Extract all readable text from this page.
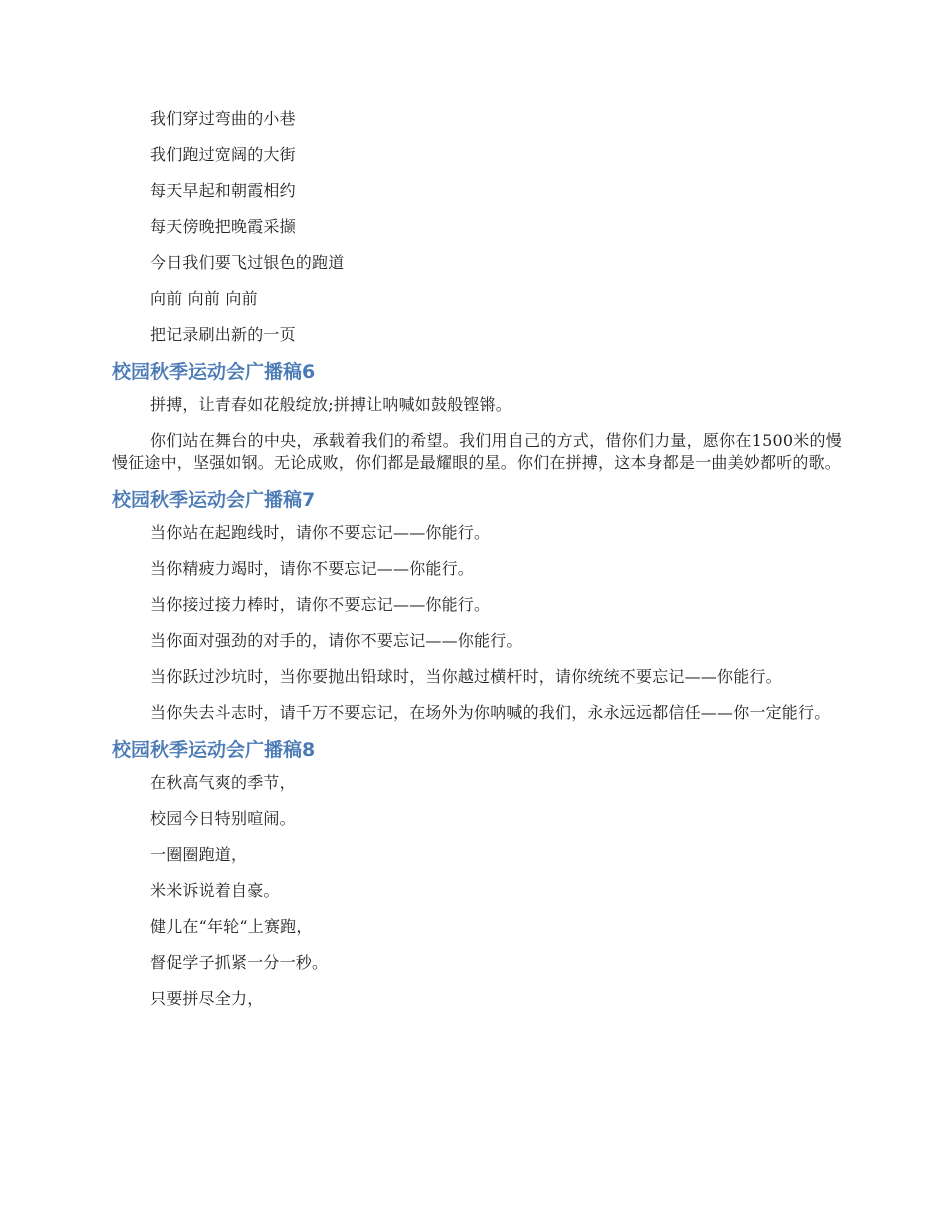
我们穿过弯曲的小巷

我们跑过宽阔的大街

每天早起和朝霞相约

每天傍晚把晚霞采撷

今日我们要飞过银色的跑道

向前 向前 向前

把记录刷出新的一页

校园秋季运动会广播稿6

拼搏，让青春如花般绽放;拼搏让呐喊如鼓般铿锵。

你们站在舞台的中央，承载着我们的希望。我们用自己的方式，借你们力量，愿你在1500米的慢慢征途中，坚强如钢。无论成败，你们都是最耀眼的星。你们在拼搏，这本身都是一曲美妙都听的歌。

校园秋季运动会广播稿7

当你站在起跑线时，请你不要忘记——你能行。

当你精疲力竭时，请你不要忘记——你能行。

当你接过接力棒时，请你不要忘记——你能行。

当你面对强劲的对手的，请你不要忘记——你能行。

当你跃过沙坑时，当你要抛出铅球时，当你越过横杆时，请你统统不要忘记——你能行。

当你失去斗志时，请千万不要忘记，在场外为你呐喊的我们，永永远远都信任——你一定能行。

校园秋季运动会广播稿8

在秋高气爽的季节，

校园今日特别喧闹。

一圈圈跑道，

米米诉说着自豪。

健儿在“年轮“上赛跑，

督促学子抓紧一分一秒。

只要拼尽全力，
